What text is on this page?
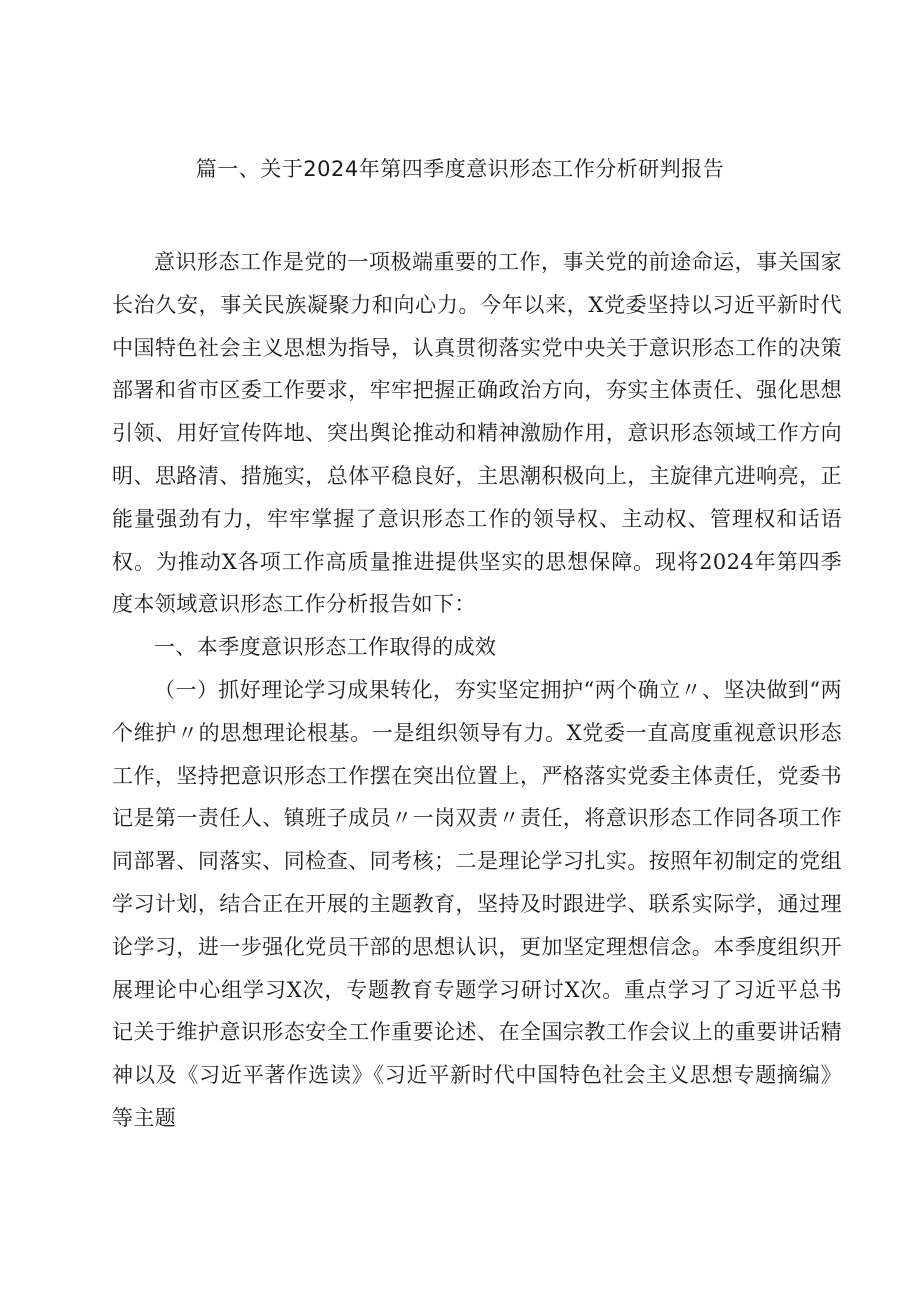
篇一、关于2024年第四季度意识形态工作分析研判报告

意识形态工作是党的一项极端重要的工作，事关党的前途命运，事关国家长治久安，事关民族凝聚力和向心力。今年以来，X党委坚持以习近平新时代中国特色社会主义思想为指导，认真贯彻落实党中央关于意识形态工作的决策部署和省市区委工作要求，牢牢把握正确政治方向，夯实主体责任、强化思想引领、用好宣传阵地、突出舆论推动和精神激励作用，意识形态领域工作方向明、思路清、措施实，总体平稳良好，主思潮积极向上，主旋律亢进响亮，正能量强劲有力，牢牢掌握了意识形态工作的领导权、主动权、管理权和话语权。为推动X各项工作高质量推进提供坚实的思想保障。现将2024年第四季度本领域意识形态工作分析报告如下：

一、本季度意识形态工作取得的成效

（一）抓好理论学习成果转化，夯实坚定拥护“两个确立〃、坚决做到“两个维护〃的思想理论根基。一是组织领导有力。X党委一直高度重视意识形态工作，坚持把意识形态工作摆在突出位置上，严格落实党委主体责任，党委书记是第一责任人、镇班子成员〃一岗双责〃责任，将意识形态工作同各项工作同部署、同落实、同检查、同考核；二是理论学习扎实。按照年初制定的党组学习计划，结合正在开展的主题教育，坚持及时跟进学、联系实际学，通过理论学习，进一步强化党员干部的思想认识，更加坚定理想信念。本季度组织开展理论中心组学习X次，专题教育专题学习研讨X次。重点学习了习近平总书记关于维护意识形态安全工作重要论述、在全国宗教工作会议上的重要讲话精神以及《习近平著作选读》《习近平新时代中国特色社会主义思想专题摘编》等主题
